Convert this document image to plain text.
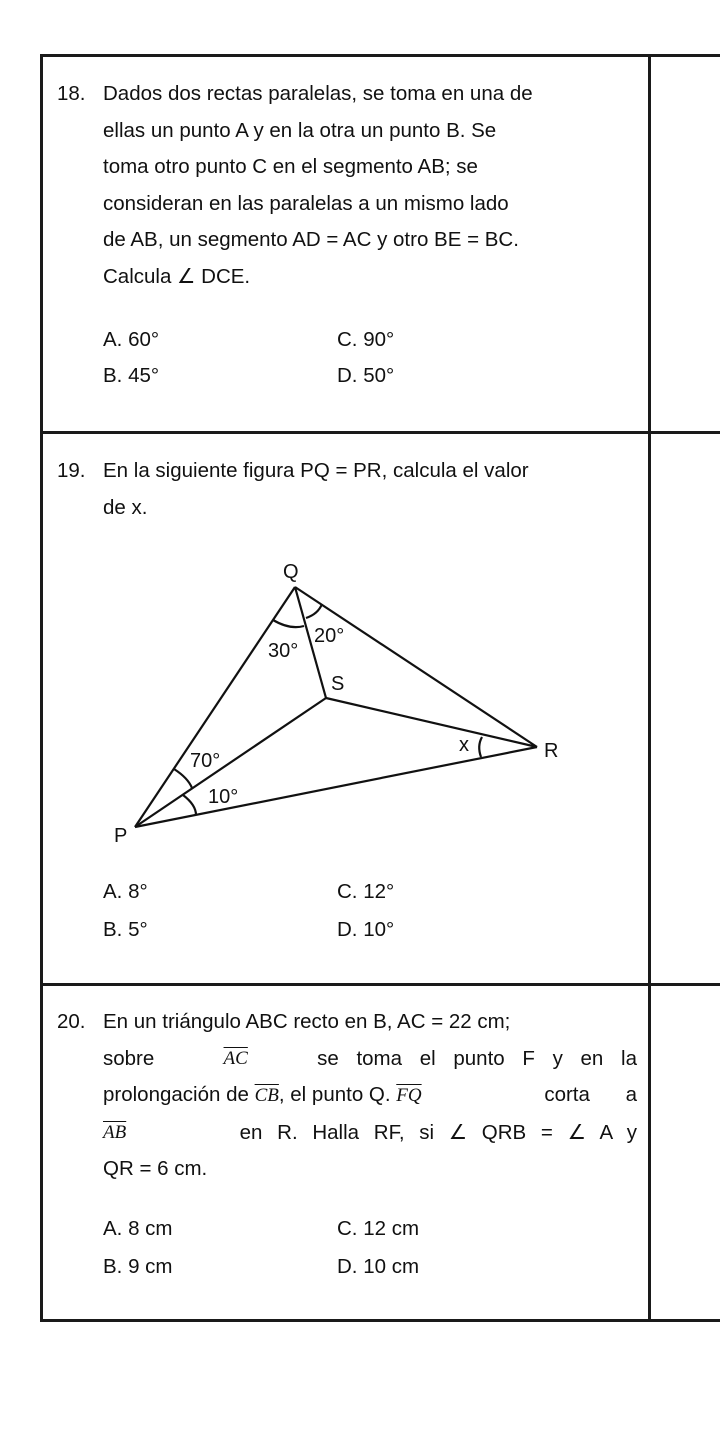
18. Dados dos rectas paralelas, se toma en una de
ellas un punto A y en la otra un punto B. Se
toma otro punto C en el segmento AB; se
consideran en las paralelas a un mismo lado
de AB, un segmento AD = AC y otro BE = BC.
Calcula ∠ DCE.
A. 60°	C. 90°
B. 45°	D. 50°
19. En la siguiente figura PQ = PR, calcula el valor
de x.
Q
S
R
P
30°
20°
70°
10°
x
A. 8°	C. 12°
B. 5°	D. 10°
20. En un triángulo ABC recto en B, AC = 22 cm;
sobre	$\overline{AC}$	se toma el punto F y en la
prolongación de $\overline{CB}$, el punto Q. $\overline{FQ}$	corta a
$\overline{AB}$	en R. Halla RF, si ∠ QRB = ∠ A y
QR = 6 cm.
A. 8 cm	C. 12 cm
B. 9 cm	D. 10 cm
